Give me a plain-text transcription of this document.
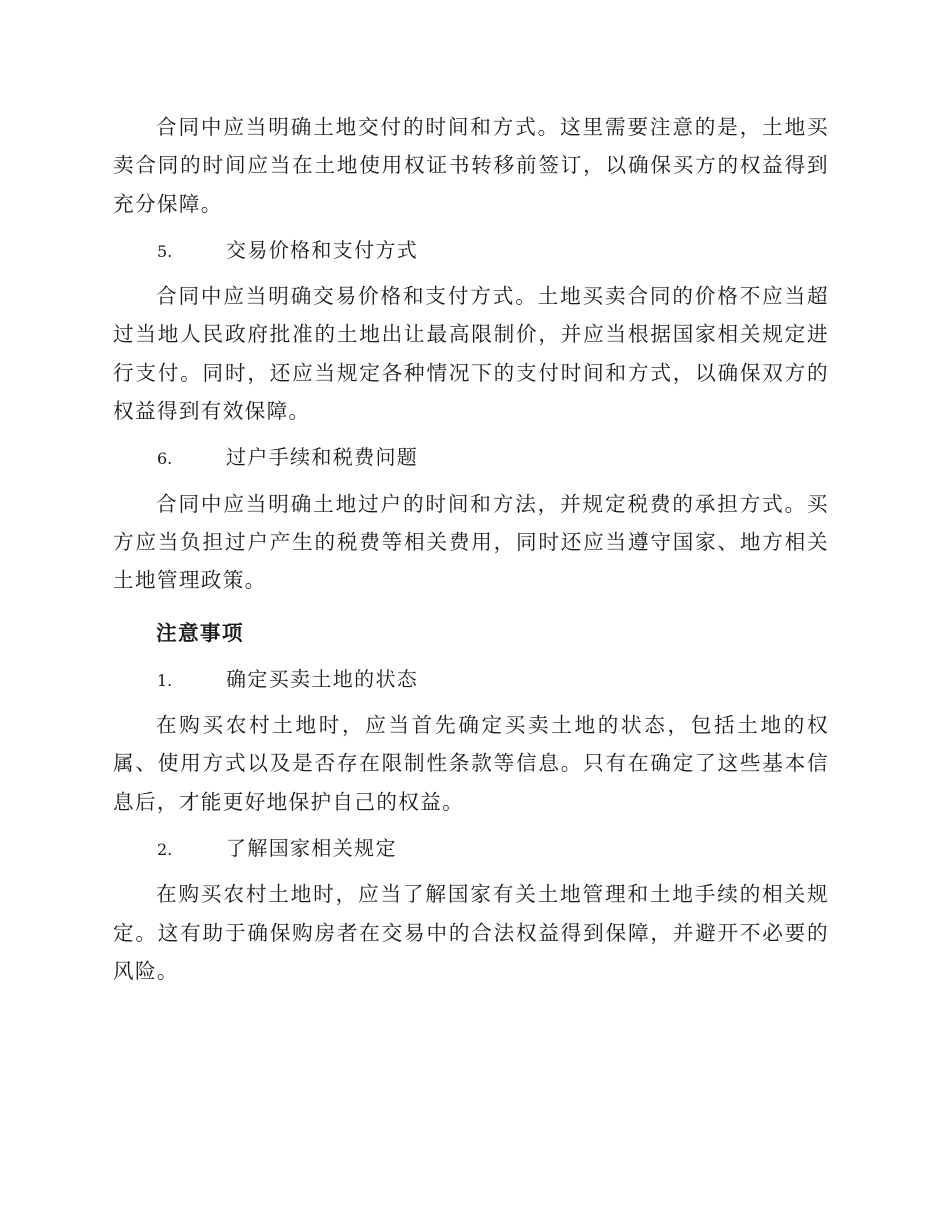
合同中应当明确土地交付的时间和方式。这里需要注意的是，土地买卖合同的时间应当在土地使用权证书转移前签订，以确保买方的权益得到充分保障。

5.	交易价格和支付方式

合同中应当明确交易价格和支付方式。土地买卖合同的价格不应当超过当地人民政府批准的土地出让最高限制价，并应当根据国家相关规定进行支付。同时，还应当规定各种情况下的支付时间和方式，以确保双方的权益得到有效保障。

6.	过户手续和税费问题

合同中应当明确土地过户的时间和方法，并规定税费的承担方式。买方应当负担过户产生的税费等相关费用，同时还应当遵守国家、地方相关土地管理政策。

注意事项

1.	确定买卖土地的状态

在购买农村土地时，应当首先确定买卖土地的状态，包括土地的权属、使用方式以及是否存在限制性条款等信息。只有在确定了这些基本信息后，才能更好地保护自己的权益。

2.	了解国家相关规定

在购买农村土地时，应当了解国家有关土地管理和土地手续的相关规定。这有助于确保购房者在交易中的合法权益得到保障，并避开不必要的风险。
